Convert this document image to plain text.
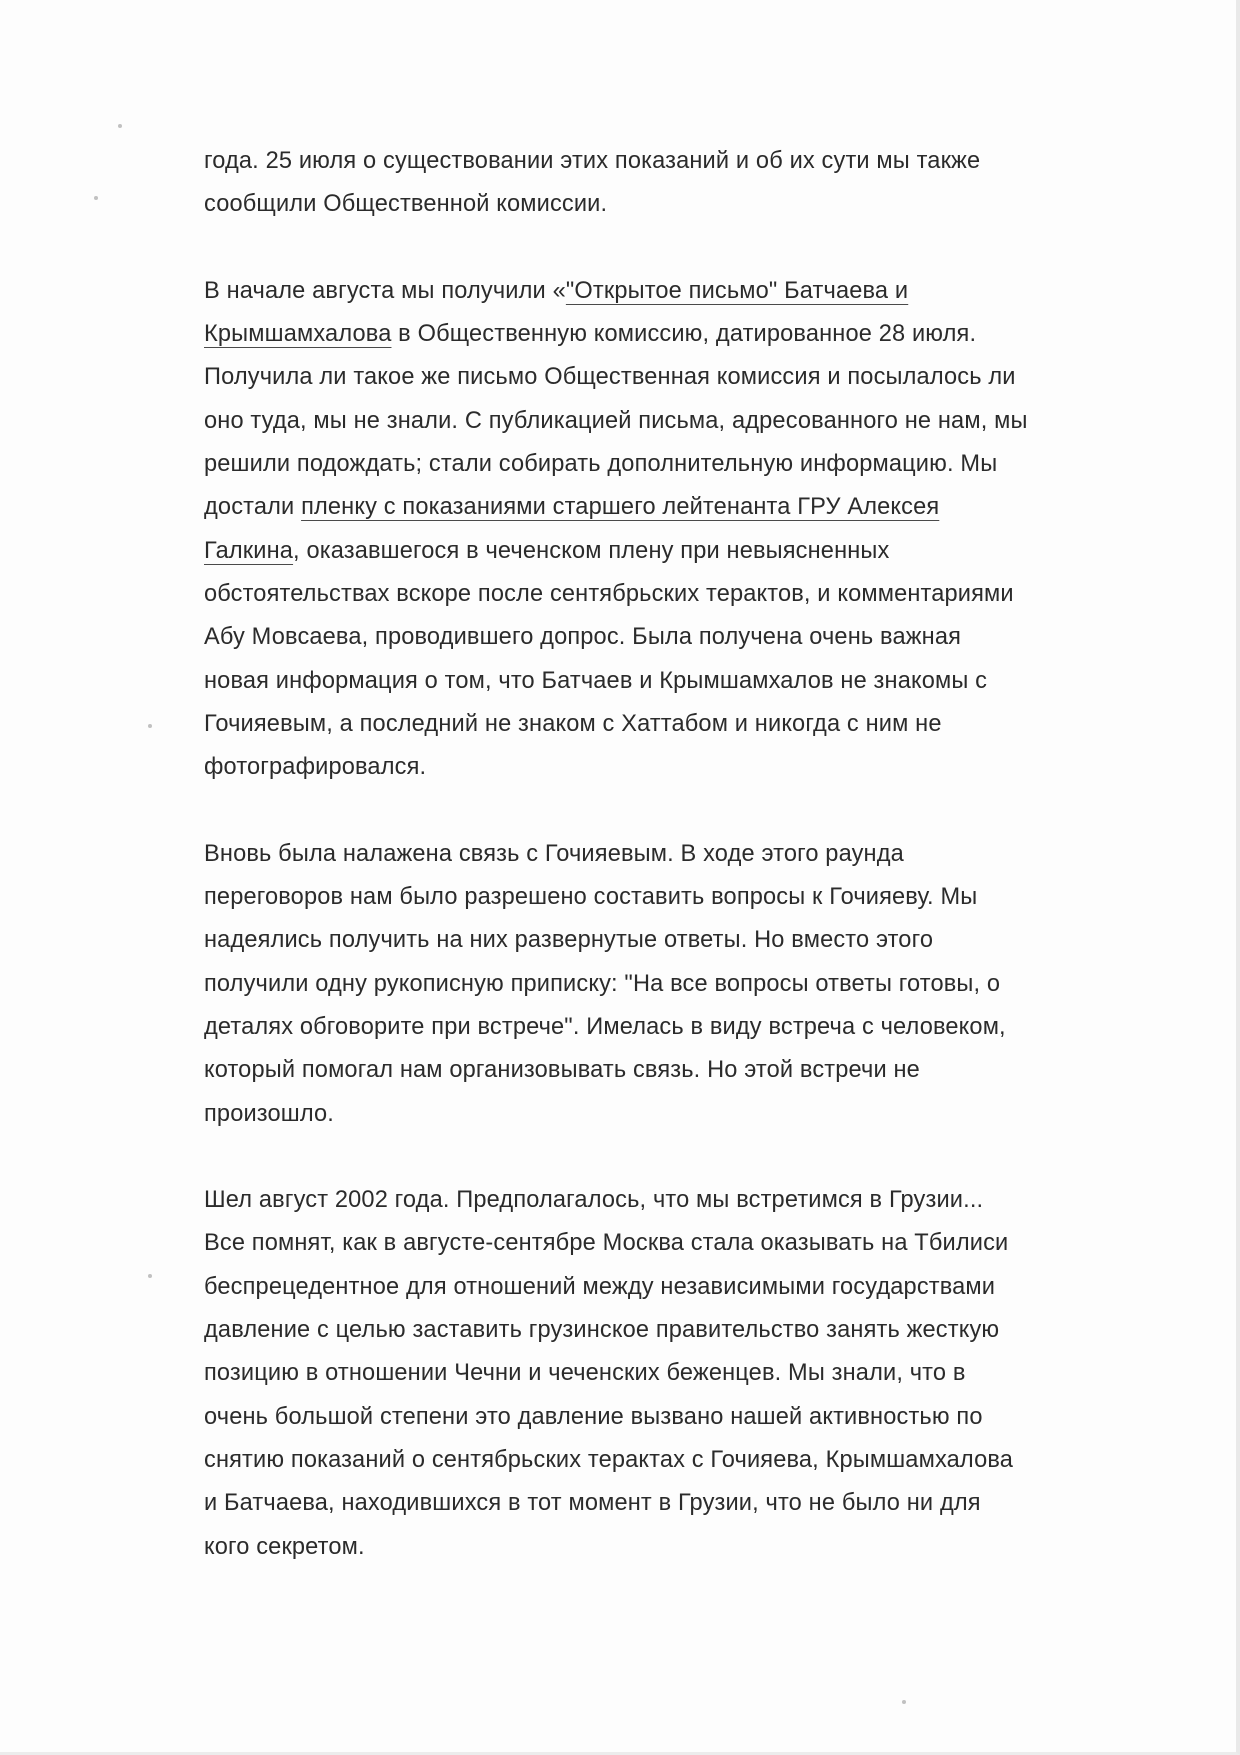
года. 25 июля о существовании этих показаний и об их сути мы также
сообщили Общественной комиссии.
В начале августа мы получили «"Открытое письмо" Батчаева и
Крымшамхалова в Общественную комиссию, датированное 28 июля.
Получила ли такое же письмо Общественная комиссия и посылалось ли
оно туда, мы не знали. С публикацией письма, адресованного не нам, мы
решили подождать; стали собирать дополнительную информацию. Мы
достали пленку с показаниями старшего лейтенанта ГРУ Алексея
Галкина, оказавшегося в чеченском плену при невыясненных
обстоятельствах вскоре после сентябрьских терактов, и комментариями
Абу Мовсаева, проводившего допрос. Была получена очень важная
новая информация о том, что Батчаев и Крымшамхалов не знакомы с
Гочияевым, а последний не знаком с Хаттабом и никогда с ним не
фотографировался.
Вновь была налажена связь с Гочияевым. В ходе этого раунда
переговоров нам было разрешено составить вопросы к Гочияеву. Мы
надеялись получить на них развернутые ответы. Но вместо этого
получили одну рукописную приписку: "На все вопросы ответы готовы, о
деталях обговорите при встрече". Имелась в виду встреча с человеком,
который помогал нам организовывать связь. Но этой встречи не
произошло.
Шел август 2002 года. Предполагалось, что мы встретимся в Грузии...
Все помнят, как в августе-сентябре Москва стала оказывать на Тбилиси
беспрецедентное для отношений между независимыми государствами
давление с целью заставить грузинское правительство занять жесткую
позицию в отношении Чечни и чеченских беженцев. Мы знали, что в
очень большой степени это давление вызвано нашей активностью по
снятию показаний о сентябрьских терактах с Гочияева, Крымшамхалова
и Батчаева, находившихся в тот момент в Грузии, что не было ни для
кого секретом.
